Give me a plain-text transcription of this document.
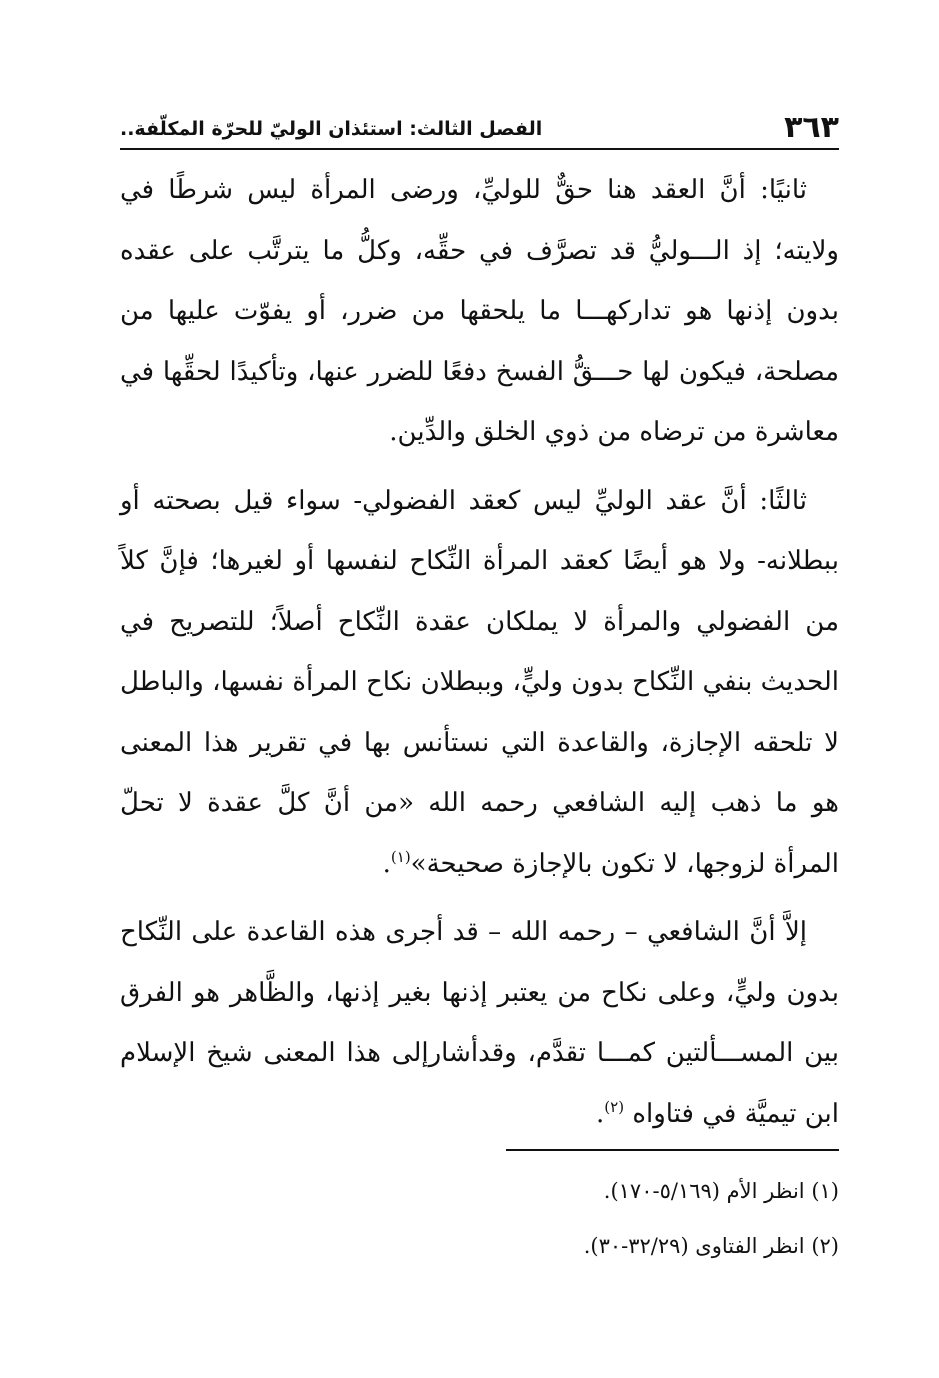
٣٦٣
الفصل الثالث: استئذان الوليّ للحرّة المكلّفة..

ثانيًا: أنَّ العقد هنا حقٌّ للوليِّ، ورضى المرأة ليس شرطًا في ولايته؛ إذ الـــوليُّ قد تصرَّف في حقِّه، وكلُّ ما يترتَّب على عقده بدون إذنها هو تداركهـــا ما يلحقها من ضرر، أو يفوّت عليها من مصلحة، فيكون لها حـــقُّ الفسخ دفعًا للضرر عنها، وتأكيدًا لحقِّها في معاشرة من ترضاه من ذوي الخلق والدِّين.

ثالثًا: أنَّ عقد الوليِّ ليس كعقد الفضولي- سواء قيل بصحته أو ببطلانه- ولا هو أيضًا كعقد المرأة النِّكاح لنفسها أو لغيرها؛ فإنَّ كلاً من الفضولي والمرأة لا يملكان عقدة النِّكاح أصلاً؛ للتصريح في الحديث بنفي النِّكاح بدون وليٍّ، وببطلان نكاح المرأة نفسها، والباطل لا تلحقه الإجازة، والقاعدة التي نستأنس بها في تقرير هذا المعنى هو ما ذهب إليه الشافعي رحمه الله «من أنَّ كلَّ عقدة لا تحلّ المرأة لزوجها، لا تكون بالإجازة صحيحة»$^{(١)}$.

إلاَّ أنَّ الشافعي – رحمه الله – قد أجرى هذه القاعدة على النِّكاح بدون وليٍّ، وعلى نكاح من يعتبر إذنها بغير إذنها، والظَّاهر هو الفرق بين المســـألتين كمـــا تقدَّم، وقدأشارإلى هذا المعنى شيخ الإسلام ابن تيميَّة في فتاواه $^{(٢)}$.

(١) انظر الأم (٥/١٦٩-١٧٠).

(٢) انظر الفتاوى (٣٢/٢٩-٣٠).
